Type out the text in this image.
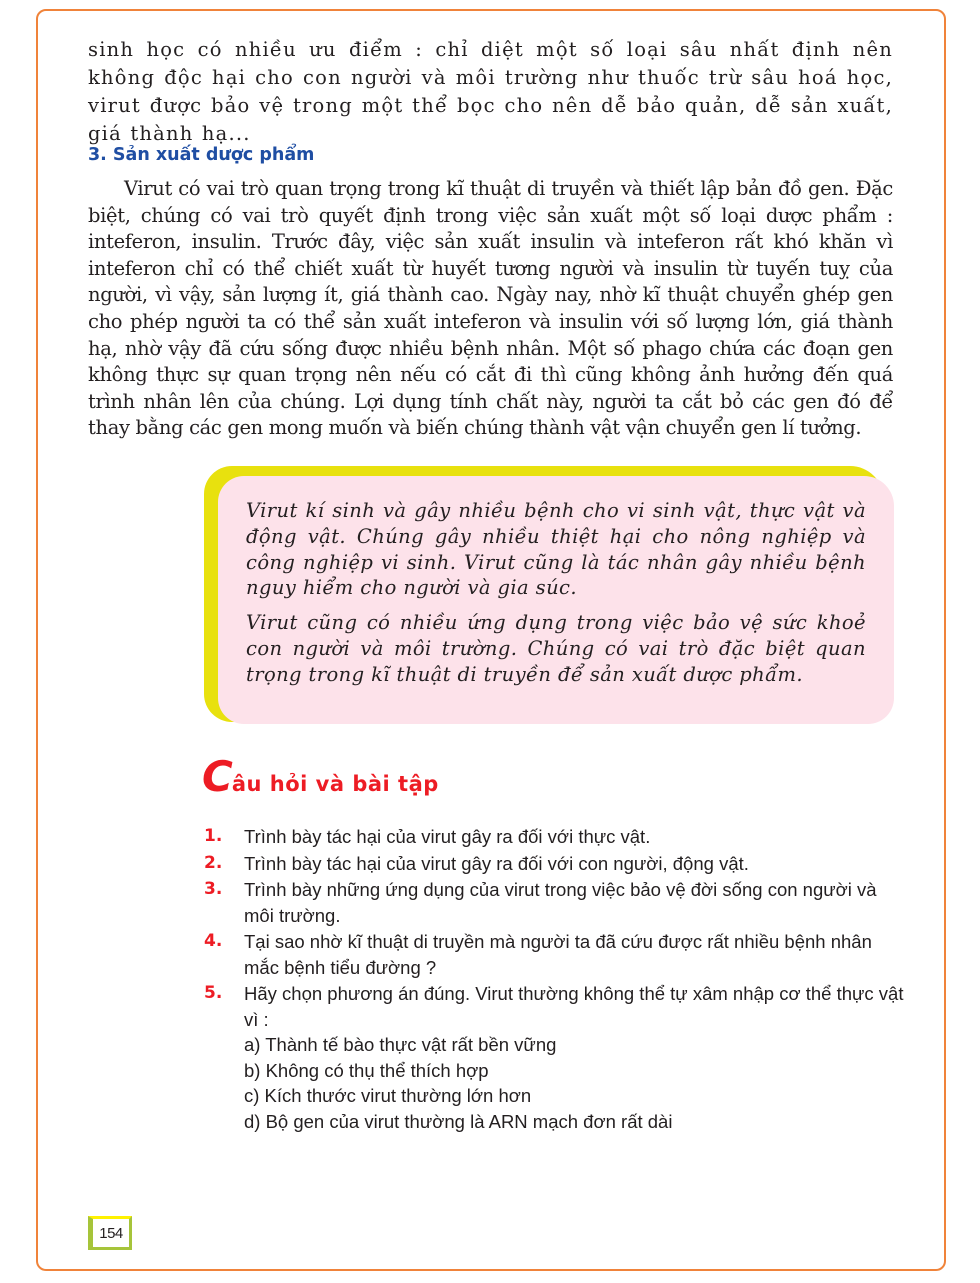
sinh học có nhiều ưu điểm : chỉ diệt một số loại sâu nhất định nên không độc hại cho con người và môi trường như thuốc trừ sâu hoá học, virut được bảo vệ trong một thể bọc cho nên dễ bảo quản, dễ sản xuất, giá thành hạ...

3. Sản xuất dược phẩm

Virut có vai trò quan trọng trong kĩ thuật di truyền và thiết lập bản đồ gen. Đặc biệt, chúng có vai trò quyết định trong việc sản xuất một số loại dược phẩm : inteferon, insulin. Trước đây, việc sản xuất insulin và inteferon rất khó khăn vì inteferon chỉ có thể chiết xuất từ huyết tương người và insulin từ tuyến tuỵ của người, vì vậy, sản lượng ít, giá thành cao. Ngày nay, nhờ kĩ thuật chuyển ghép gen cho phép người ta có thể sản xuất inteferon và insulin với số lượng lớn, giá thành hạ, nhờ vậy đã cứu sống được nhiều bệnh nhân. Một số phago chứa các đoạn gen không thực sự quan trọng nên nếu có cắt đi thì cũng không ảnh hưởng đến quá trình nhân lên của chúng. Lợi dụng tính chất này, người ta cắt bỏ các gen đó để thay bằng các gen mong muốn và biến chúng thành vật vận chuyển gen lí tưởng.

Virut kí sinh và gây nhiều bệnh cho vi sinh vật, thực vật và động vật. Chúng gây nhiều thiệt hại cho nông nghiệp và công nghiệp vi sinh. Virut cũng là tác nhân gây nhiều bệnh nguy hiểm cho người và gia súc.

Virut cũng có nhiều ứng dụng trong việc bảo vệ sức khoẻ con người và môi trường. Chúng có vai trò đặc biệt quan trọng trong kĩ thuật di truyền để sản xuất dược phẩm.

Câu hỏi và bài tập
1. Trình bày tác hại của virut gây ra đối với thực vật.
2. Trình bày tác hại của virut gây ra đối với con người, động vật.
3. Trình bày những ứng dụng của virut trong việc bảo vệ đời sống con người và môi trường.
4. Tại sao nhờ kĩ thuật di truyền mà người ta đã cứu được rất nhiều bệnh nhân mắc bệnh tiểu đường ?
5. Hãy chọn phương án đúng. Virut thường không thể tự xâm nhập cơ thể thực vật vì :
a) Thành tế bào thực vật rất bền vững
b) Không có thụ thể thích hợp
c) Kích thước virut thường lớn hơn
d) Bộ gen của virut thường là ARN mạch đơn rất dài
154
